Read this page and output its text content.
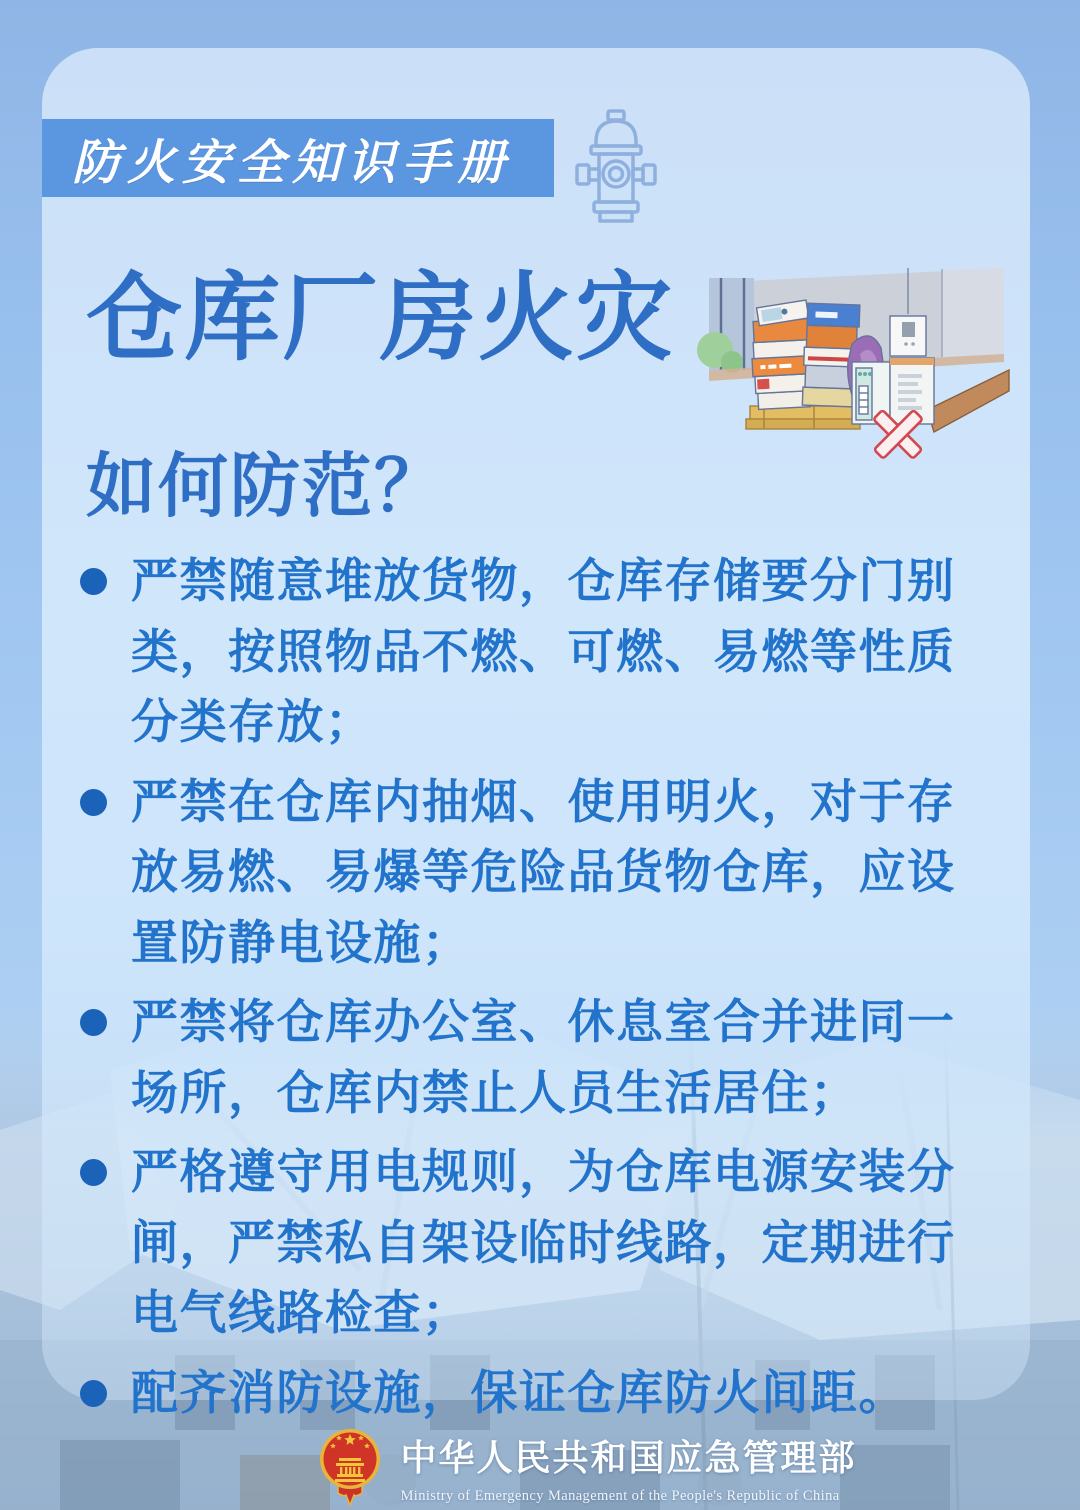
防火安全知识手册
仓库厂房火灾
如何防范？
严禁随意堆放货物，仓库存储要分门别类，按照物品不燃、可燃、易燃等性质分类存放；
严禁在仓库内抽烟、使用明火，对于存放易燃、易爆等危险品货物仓库，应设置防静电设施；
严禁将仓库办公室、休息室合并进同一场所，仓库内禁止人员生活居住；
严格遵守用电规则，为仓库电源安装分闸，严禁私自架设临时线路，定期进行电气线路检查；
配齐消防设施，保证仓库防火间距。
中华人民共和国应急管理部
Ministry of Emergency Management of the People's Republic of China
